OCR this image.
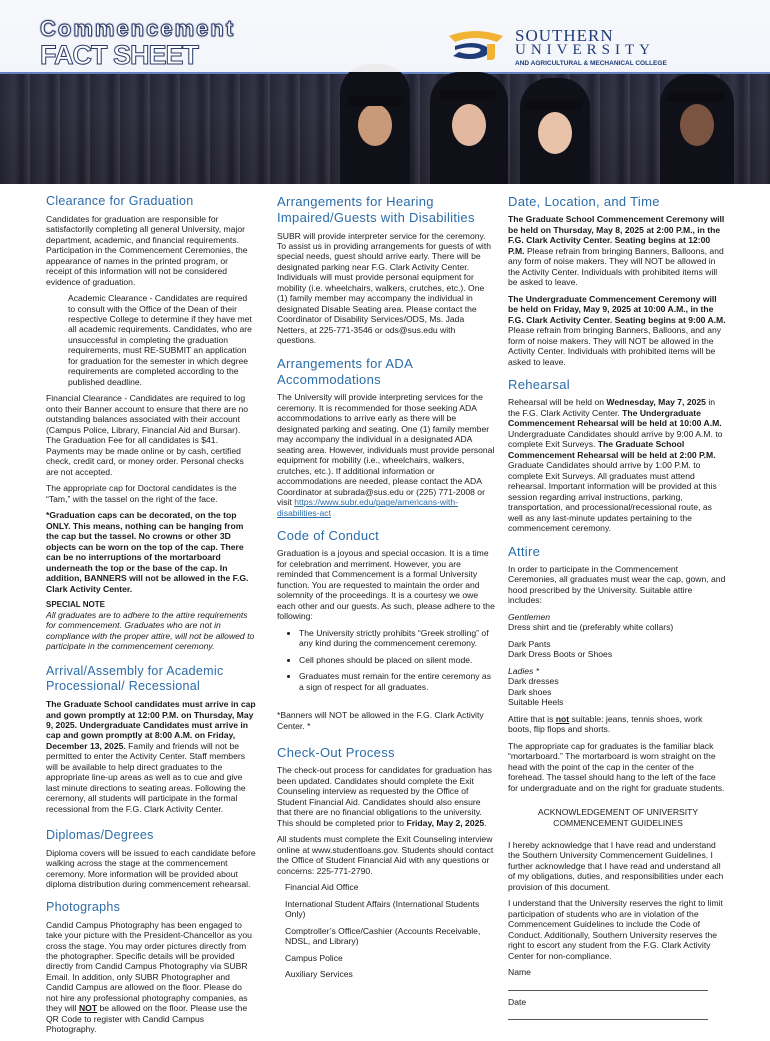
Commencement
FACT SHEET
SOUTHERN
UNIVERSITY
AND AGRICULTURAL & MECHANICAL COLLEGE
Clearance for Graduation

Candidates for graduation are responsible for satisfactorily completing all general University, major department, academic, and financial requirements. Participation in the Commencement Ceremonies, the appearance of names in the printed program, or receipt of this information will not be considered evidence of graduation.

Academic Clearance - Candidates are required to consult with the Office of the Dean of their respective College to determine if they have met all academic requirements. Candidates, who are unsuccessful in completing the graduation requirements, must RE-SUBMIT an application for graduation for the semester in which degree requirements are completed according to the published deadline.

Financial Clearance - Candidates are required to log onto their Banner account to ensure that there are no outstanding balances associated with their account (Campus Police, Library, Financial Aid and Bursar). The Graduation Fee for all candidates is $41. Payments may be made online or by cash, certified check, credit card, or money order. Personal checks are not accepted.

The appropriate cap for Doctoral candidates is the “Tam,” with the tassel on the right of the face.

*Graduation caps can be decorated, on the top ONLY. This means, nothing can be hanging from the cap but the tassel. No crowns or other 3D objects can be worn on the top of the cap. There can be no interruptions of the mortarboard underneath the top or the base of the cap. In addition, BANNERS will not be allowed in the F.G. Clark Activity Center.

SPECIAL NOTE

All graduates are to adhere to the attire requirements for commencement. Graduates who are not in compliance with the proper attire, will not be allowed to participate in the commencement ceremony.

Arrival/Assembly for Academic Processional/ Recessional

The Graduate School candidates must arrive in cap and gown promptly at 12:00 P.M. on Thursday, May 9, 2025. Undergraduate Candidates must arrive in cap and gown promptly at 8:00 A.M. on Friday, December 13, 2025. Family and friends will not be permitted to enter the Activity Center. Staff members will be available to help direct graduates to the appropriate line-up areas as well as to cue and give last minute directions to seating areas. Following the ceremony, all students will participate in the formal recessional from the F.G. Clark Activity Center.

Diplomas/Degrees

Diploma covers will be issued to each candidate before walking across the stage at the commencement ceremony. More information will be provided about diploma distribution during commencement rehearsal.

Photographs

Candid Campus Photography has been engaged to take your picture with the President-Chancellor as you cross the stage. You may order pictures directly from the photographer. Specific details will be provided directly from Candid Campus Photography via SUBR Email. In addition, only SUBR Photographer and Candid Campus are allowed on the floor. Please do not hire any professional photography companies, as they will NOT be allowed on the floor. Please use the QR Code to register with Candid Campus Photography.

Arrangements for Hearing Impaired/Guests with Disabilities

SUBR will provide interpreter service for the ceremony. To assist us in providing arrangements for guests of with special needs, guest should arrive early. There will be designated parking near F.G. Clark Activity Center. Individuals will must provide personal equipment for mobility (i.e. wheelchairs, walkers, crutches, etc.). One (1) family member may accompany the individual in designated Disable Seating area. Please contact the Coordinator of Disability Services/ODS, Ms. Jada Netters, at 225-771-3546 or ods@sus.edu with questions.

Arrangements for ADA Accommodations

The University will provide interpreting services for the ceremony. It is recommended for those seeking ADA accommodations to arrive early as there will be designated parking and seating. One (1) family member may accompany the individual in a designated ADA seating area. However, individuals must provide personal equipment for mobility (i.e., wheelchairs, walkers, crutches, etc.). If additional information or accommodations are needed, please contact the ADA Coordinator at subrada@sus.edu or (225) 771-2008 or visit https://www.subr.edu/page/americans-with-disabilities-act

Code of Conduct

Graduation is a joyous and special occasion. It is a time for celebration and merriment. However, you are reminded that Commencement is a formal University function. You are requested to maintain the order and solemnity of the proceedings. It is a courtesy we owe each other and our guests. As such, please adhere to the following:

• The University strictly prohibits “Greek strolling” of any kind during the commencement ceremony.
• Cell phones should be placed on silent mode.
• Graduates must remain for the entire ceremony as a sign of respect for all graduates.

*Banners will NOT be allowed in the F.G. Clark Activity Center. *

Check-Out Process

The check-out process for candidates for graduation has been updated. Candidates should complete the Exit Counseling interview as requested by the Office of Student Financial Aid. Candidates should also ensure that there are no financial obligations to the university. This should be completed prior to Friday, May 2, 2025.

All students must complete the Exit Counseling interview online at www.studentloans.gov. Students should contact the Office of Student Financial Aid with any questions or concerns: 225-771-2790.

Financial Aid Office
International Student Affairs (International Students Only)
Comptroller’s Office/Cashier (Accounts Receivable, NDSL, and Library)
Campus Police
Auxiliary Services
Date, Location, and Time

The Graduate School Commencement Ceremony will be held on Thursday, May 8, 2025 at 2:00 P.M., in the F.G. Clark Activity Center. Seating begins at 12:00 P.M. Please refrain from bringing Banners, Balloons, and any form of noise makers. They will NOT be allowed in the Activity Center. Individuals with prohibited items will be asked to leave.

The Undergraduate Commencement Ceremony will be held on Friday, May 9, 2025 at 10:00 A.M., in the F.G. Clark Activity Center. Seating begins at 9:00 A.M. Please refrain from bringing Banners, Balloons, and any form of noise makers. They will NOT be allowed in the Activity Center. Individuals with prohibited items will be asked to leave.

Rehearsal

Rehearsal will be held on Wednesday, May 7, 2025 in the F.G. Clark Activity Center. The Undergraduate Commencement Rehearsal will be held at 10:00 A.M. Undergraduate Candidates should arrive by 9:00 A.M. to complete Exit Surveys. The Graduate School Commencement Rehearsal will be held at 2:00 P.M. Graduate Candidates should arrive by 1:00 P.M. to complete Exit Surveys. All graduates must attend rehearsal. Important information will be provided at this session regarding arrival instructions, parking, transportation, and processional/recessional route, as well as any last-minute updates pertaining to the commencement ceremony.

Attire

In order to participate in the Commencement Ceremonies, all graduates must wear the cap, gown, and hood prescribed by the University. Suitable attire includes:

Gentlemen

Dress shirt and tie (preferably white collars)

Dark Pants

Dark Dress Boots or Shoes

Ladies *
Dark dresses
Dark shoes

Suitable Heels

Attire that is not suitable: jeans, tennis shoes, work boots, flip flops and shorts.

The appropriate cap for graduates is the familiar black “mortarboard.” The mortarboard is worn straight on the head with the point of the cap in the center of the forehead. The tassel should hang to the left of the face for undergraduate and on the right for graduate students.

ACKNOWLEDGEMENT OF UNIVERSITY COMMENCEMENT GUIDELINES

I hereby acknowledge that I have read and understand the Southern University Commencement Guidelines. I further acknowledge that I have read and understand all of my obligations, duties, and responsibilities under each provision of this document.

I understand that the University reserves the right to limit participation of students who are in violation of the Commencement Guidelines to include the Code of Conduct. Additionally, Southern University reserves the right to escort any student from the F.G. Clark Activity Center for non-compliance.

Name
Date
